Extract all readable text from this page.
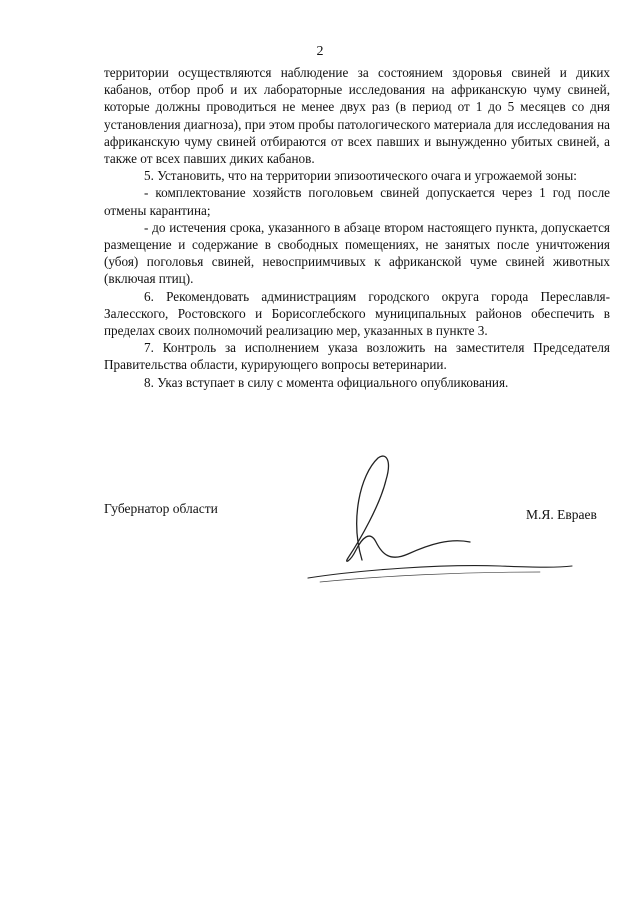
2

территории осуществляются наблюдение за состоянием здоровья свиней и диких кабанов, отбор проб и их лабораторные исследования на африканскую чуму свиней, которые должны проводиться не менее двух раз (в период от 1 до 5 месяцев со дня установления диагноза), при этом пробы патологического материала для исследования на африканскую чуму свиней отбираются от всех павших и вынужденно убитых свиней, а также от всех павших диких кабанов.

5. Установить, что на территории эпизоотического очага и угрожаемой зоны:

- комплектование хозяйств поголовьем свиней допускается через 1 год после отмены карантина;

- до истечения срока, указанного в абзаце втором настоящего пункта, допускается размещение и содержание в свободных помещениях, не занятых после уничтожения (убоя) поголовья свиней, невосприимчивых к африканской чуме свиней животных (включая птиц).

6. Рекомендовать администрациям городского округа города Переславля-Залесского, Ростовского и Борисоглебского муниципальных районов обеспечить в пределах своих полномочий реализацию мер, указанных в пункте 3.

7. Контроль за исполнением указа возложить на заместителя Председателя Правительства области, курирующего вопросы ветеринарии.

8. Указ вступает в силу с момента официального опубликования.

Губернатор области	М.Я. Евраев
